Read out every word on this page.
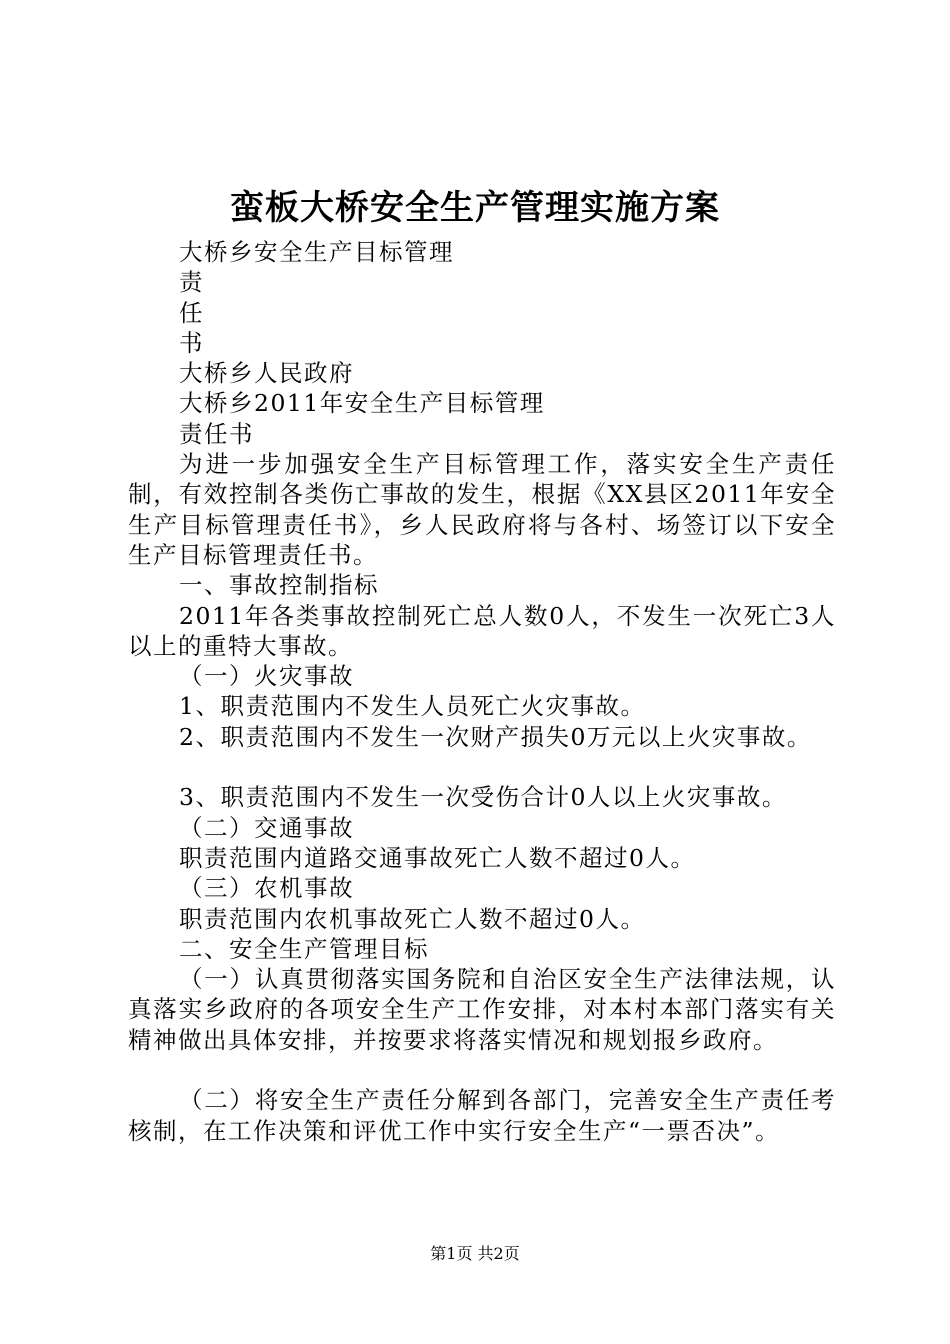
蛮板大桥安全生产管理实施方案

大桥乡安全生产目标管理

责

任

书

大桥乡人民政府

大桥乡2011年安全生产目标管理

责任书

为进一步加强安全生产目标管理工作，落实安全生产责任制，有效控制各类伤亡事故的发生，根据《XX县区2011年安全生产目标管理责任书》，乡人民政府将与各村、场签订以下安全生产目标管理责任书。

一、事故控制指标

2011年各类事故控制死亡总人数0人，不发生一次死亡3人以上的重特大事故。

（一）火灾事故

1、职责范围内不发生人员死亡火灾事故。

2、职责范围内不发生一次财产损失0万元以上火灾事故。

3、职责范围内不发生一次受伤合计0人以上火灾事故。

（二）交通事故

职责范围内道路交通事故死亡人数不超过0人。

（三）农机事故

职责范围内农机事故死亡人数不超过0人。

二、安全生产管理目标

（一）认真贯彻落实国务院和自治区安全生产法律法规，认真落实乡政府的各项安全生产工作安排，对本村本部门落实有关精神做出具体安排，并按要求将落实情况和规划报乡政府。

（二）将安全生产责任分解到各部门，完善安全生产责任考核制，在工作决策和评优工作中实行安全生产“一票否决”。

第1页 共2页
